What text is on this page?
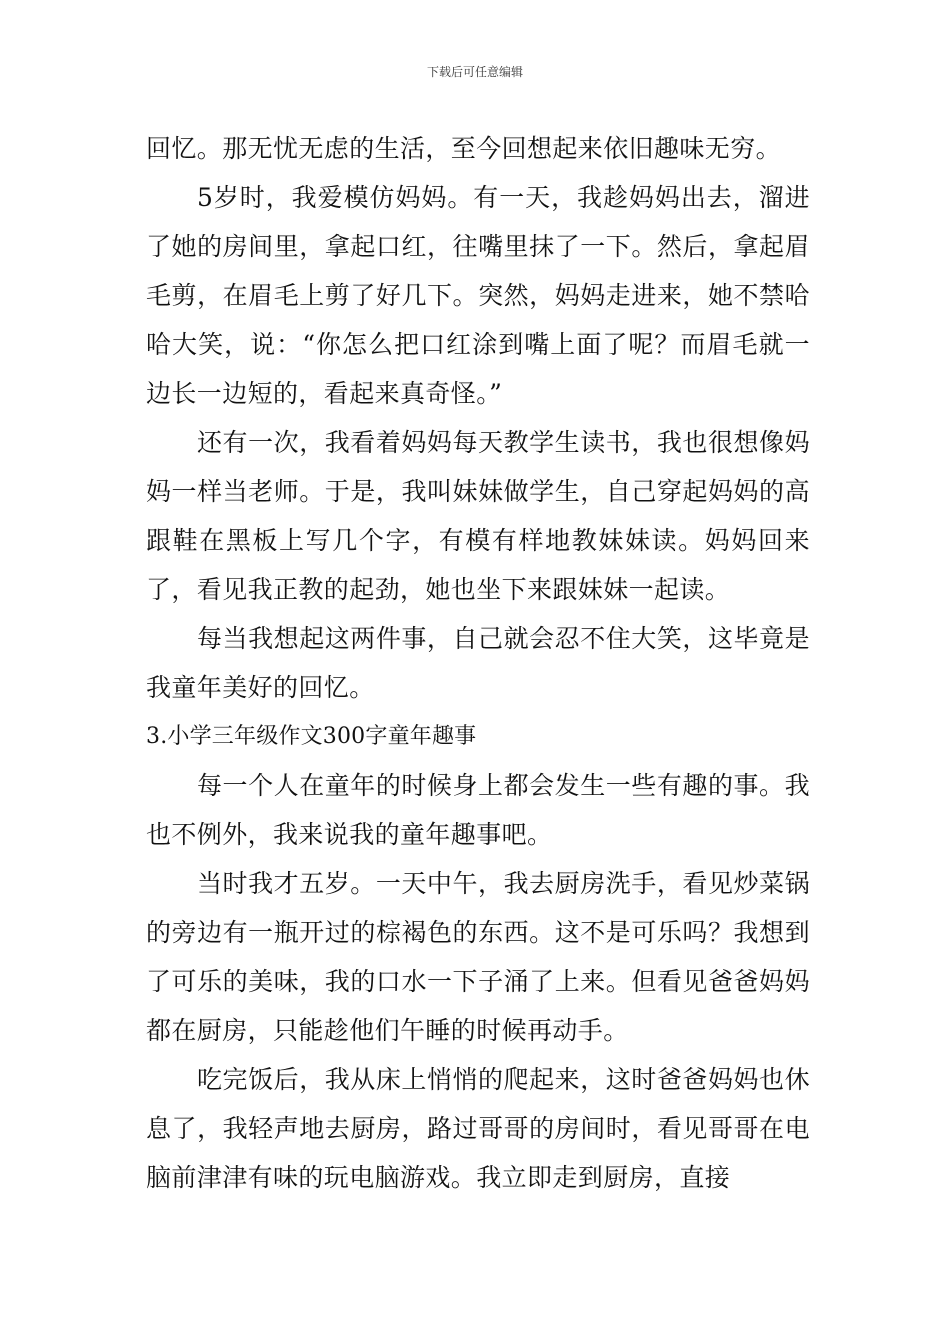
下载后可任意编辑

回忆。那无忧无虑的生活，至今回想起来依旧趣味无穷。

5岁时，我爱模仿妈妈。有一天，我趁妈妈出去，溜进了她的房间里，拿起口红，往嘴里抹了一下。然后，拿起眉毛剪，在眉毛上剪了好几下。突然，妈妈走进来，她不禁哈哈大笑，说：“你怎么把口红涂到嘴上面了呢？而眉毛就一边长一边短的，看起来真奇怪。”

还有一次，我看着妈妈每天教学生读书，我也很想像妈妈一样当老师。于是，我叫妹妹做学生，自己穿起妈妈的高跟鞋在黑板上写几个字，有模有样地教妹妹读。妈妈回来了，看见我正教的起劲，她也坐下来跟妹妹一起读。

每当我想起这两件事，自己就会忍不住大笑，这毕竟是我童年美好的回忆。

3.小学三年级作文300字童年趣事

每一个人在童年的时候身上都会发生一些有趣的事。我也不例外，我来说我的童年趣事吧。

当时我才五岁。一天中午，我去厨房洗手，看见炒菜锅的旁边有一瓶开过的棕褐色的东西。这不是可乐吗？我想到了可乐的美味，我的口水一下子涌了上来。但看见爸爸妈妈都在厨房，只能趁他们午睡的时候再动手。

吃完饭后，我从床上悄悄的爬起来，这时爸爸妈妈也休息了，我轻声地去厨房，路过哥哥的房间时，看见哥哥在电脑前津津有味的玩电脑游戏。我立即走到厨房，直接
